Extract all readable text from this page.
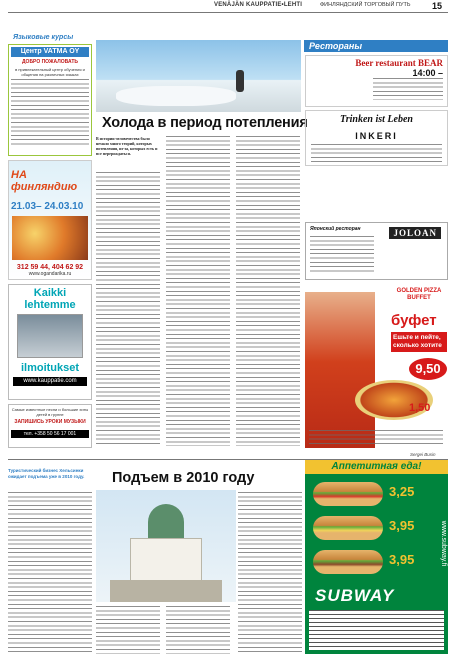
VENÄJÄN KAUPPATIE•LEHTI	ФИНЛЯНДСКИЙ ТОРГОВЫЙ ПУТЬ 15
Языковые курсы
Рестораны
Центр VATMA OY
ДОБРО ПОЖАЛОВАТЬ
в привлекательный центр обучения и общения на различных языках
НА финляндию
21.03– 24.03.10
312 59 44, 404 62 92
www.ogandarika.ru
Kaikki lehtemme
ilmoitukset
www.kauppatie.com
Самые известные песни и большие хиты детей в группе
ЗАПИШИСЬ УРОКИ МУЗЫКИ
тел. +358 50 56 17 001
Холода в период потепления
В истории человечества было немало много теорий, которых потепления, из-за, которых есть и все перерождаться.
Beer restaurant BEAR
14:00 –
Trinken ist Leben
INKERI
Японский ресторан	JOLOAN
GOLDEN PIZZA BUFFET
буфет
Ешьте и пейте, сколько хотите
9,50
1,50
Sergei Busin
Подъем в 2010 году
Туристический бизнес Хельсинки ожидает подъема уже в 2010 году.
Аппетитная еда!
3,25
3,95
3,95
SUBWAY
www.subway.fi
